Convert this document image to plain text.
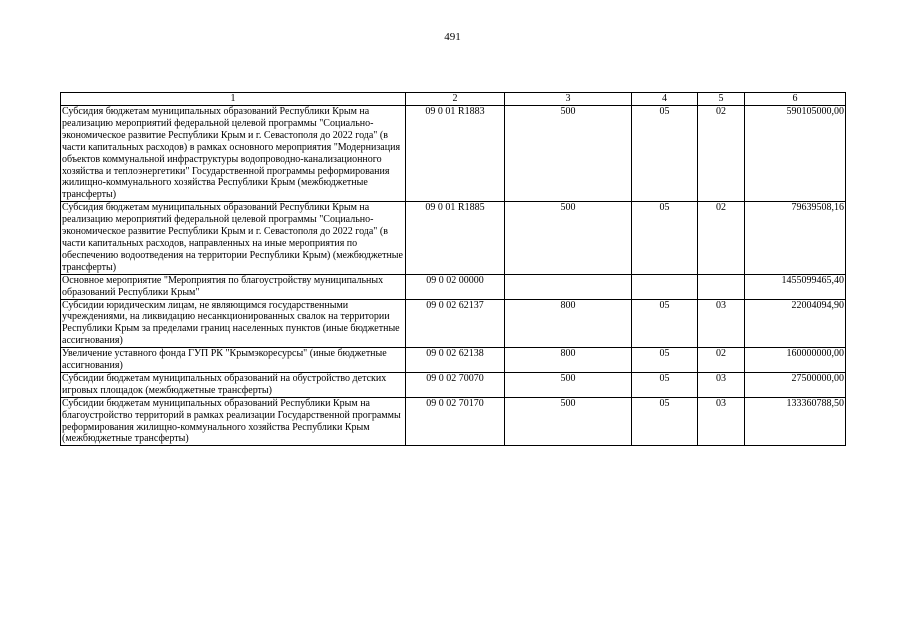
491
1	2	3	4	5	6
Субсидия бюджетам муниципальных образований Республики Крым на реализацию мероприятий федеральной целевой программы "Социально-экономическое развитие Республики Крым и г. Севастополя до 2022 года" (в части капитальных расходов) в рамках основного мероприятия "Модернизация объектов коммунальной инфраструктуры водопроводно-канализационного хозяйства и теплоэнергетики" Государственной программы реформирования жилищно-коммунального хозяйства Республики Крым (межбюджетные трансферты)	09 0 01 R1883	500	05	02	590105000,00
Субсидия бюджетам муниципальных образований Республики Крым на реализацию мероприятий федеральной целевой программы "Социально-экономическое развитие Республики Крым и г. Севастополя до 2022 года" (в части капитальных расходов, направленных на иные мероприятия по обеспечению водоотведения на территории Республики Крым) (межбюджетные трансферты)	09 0 01 R1885	500	05	02	79639508,16
Основное мероприятие "Мероприятия по благоустройству муниципальных образований Республики Крым"	09 0 02 00000				1455099465,40
Субсидии юридическим лицам, не являющимся государственными учреждениями, на ликвидацию несанкционированных свалок на территории Республики Крым за пределами границ населенных пунктов (иные бюджетные ассигнования)	09 0 02 62137	800	05	03	22004094,90
Увеличение уставного фонда ГУП РК "Крымэкоресурсы" (иные бюджетные ассигнования)	09 0 02 62138	800	05	02	160000000,00
Субсидии бюджетам муниципальных образований на обустройство детских игровых площадок (межбюджетные трансферты)	09 0 02 70070	500	05	03	27500000,00
Субсидии бюджетам муниципальных образований Республики Крым на благоустройство территорий в рамках реализации Государственной программы реформирования жилищно-коммунального хозяйства Республики Крым (межбюджетные трансферты)	09 0 02 70170	500	05	03	133360788,50
